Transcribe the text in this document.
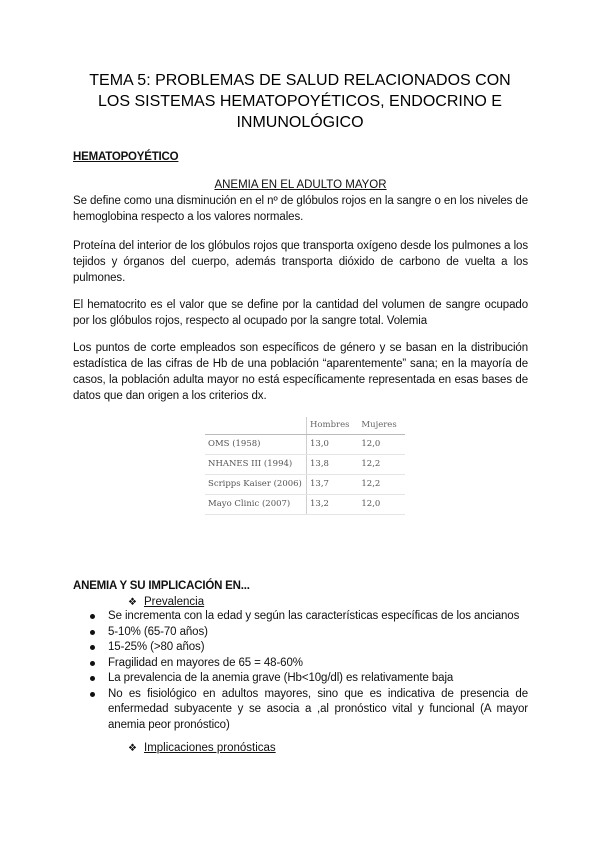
TEMA 5: PROBLEMAS DE SALUD RELACIONADOS CON
LOS SISTEMAS HEMATOPOYÉTICOS, ENDOCRINO E
INMUNOLÓGICO
HEMATOPOYÉTICO
ANEMIA EN EL ADULTO MAYOR

Se define como una disminución en el nº de glóbulos rojos en la sangre o en los niveles de hemoglobina respecto a los valores normales.

Proteína del interior de los glóbulos rojos que transporta oxígeno desde los pulmones a los tejidos y órganos del cuerpo, además transporta dióxido de carbono de vuelta a los pulmones.

El hematocrito es el valor que se define por la cantidad del volumen de sangre ocupado por los glóbulos rojos, respecto al ocupado por la sangre total. Volemia

Los puntos de corte empleados son específicos de género y se basan en la distribución estadística de las cifras de Hb de una población “aparentemente” sana; en la mayoría de casos, la población adulta mayor no está específicamente representada en esas bases de datos que dan origen a los criterios dx.

	Hombres	Mujeres
OMS (1958)	13,0	12,0
NHANES III (1994)	13,8	12,2
Scripps Kaiser (2006)	13,7	12,2
Mayo Clinic (2007)	13,2	12,0
ANEMIA Y SU IMPLICACIÓN EN...
❖ Prevalencia
Se incrementa con la edad y según las características específicas de los ancianos
5-10% (65-70 años)
15-25% (>80 años)
Fragilidad en mayores de 65 = 48-60%
La prevalencia de la anemia grave (Hb<10g/dl) es relativamente baja
No es fisiológico en adultos mayores, sino que es indicativa de presencia de enfermedad subyacente y se asocia a ,al pronóstico vital y funcional (A mayor anemia peor pronóstico)
❖ Implicaciones pronósticas
